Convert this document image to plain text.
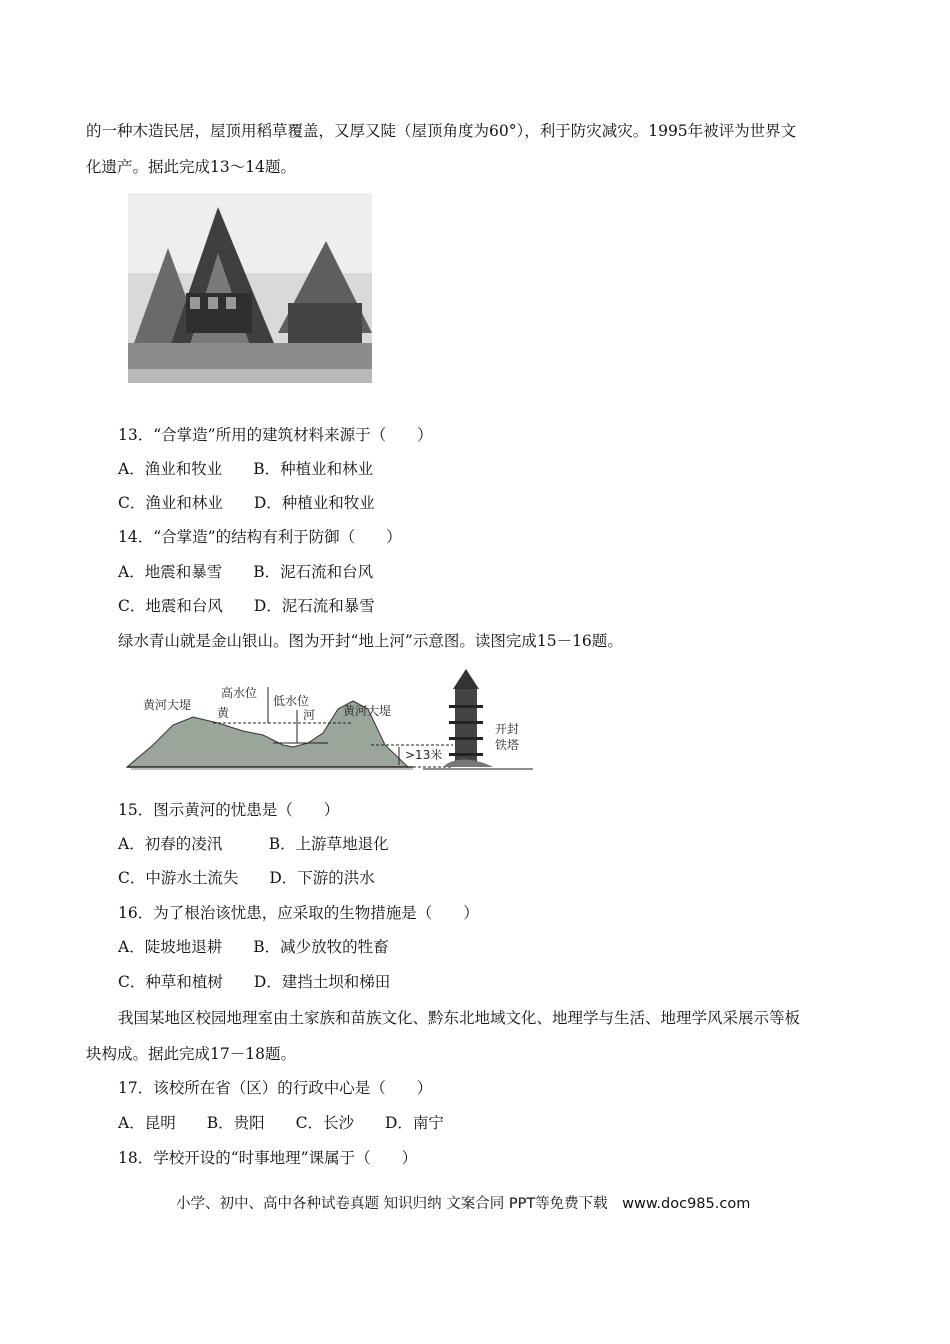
的一种木造民居，屋顶用稻草覆盖，又厚又陡（屋顶角度为60°），利于防灾减灾。1995年被评为世界文
化遗产。据此完成13～14题。
13．“合掌造”所用的建筑材料来源于（　　）
A．渔业和牧业　　B．种植业和林业
C．渔业和林业　　D．种植业和牧业
14．“合掌造”的结构有利于防御（　　）
A．地震和暴雪　　B．泥石流和台风
C．地震和台风　　D．泥石流和暴雪
绿水青山就是金山银山。图为开封“地上河”示意图。读图完成15－16题。
黄河大堤
高水位
黄
低水位
河 黄河大堤
>13米
开封
铁塔
15．图示黄河的忧患是（　　）
A．初春的凌汛　　　B．上游草地退化
C．中游水土流失　　D．下游的洪水
16．为了根治该忧患，应采取的生物措施是（　　）
A．陡坡地退耕　　B．减少放牧的牲畜
C．种草和植树　　D．建挡土坝和梯田
我国某地区校园地理室由土家族和苗族文化、黔东北地域文化、地理学与生活、地理学风采展示等板
块构成。据此完成17－18题。
17．该校所在省（区）的行政中心是（　　）
A．昆明　　B．贵阳　　C．长沙　　D．南宁
18．学校开设的“时事地理”课属于（　　）
小学、初中、高中各种试卷真题 知识归纳 文案合同 PPT等免费下载　www.doc985.com
